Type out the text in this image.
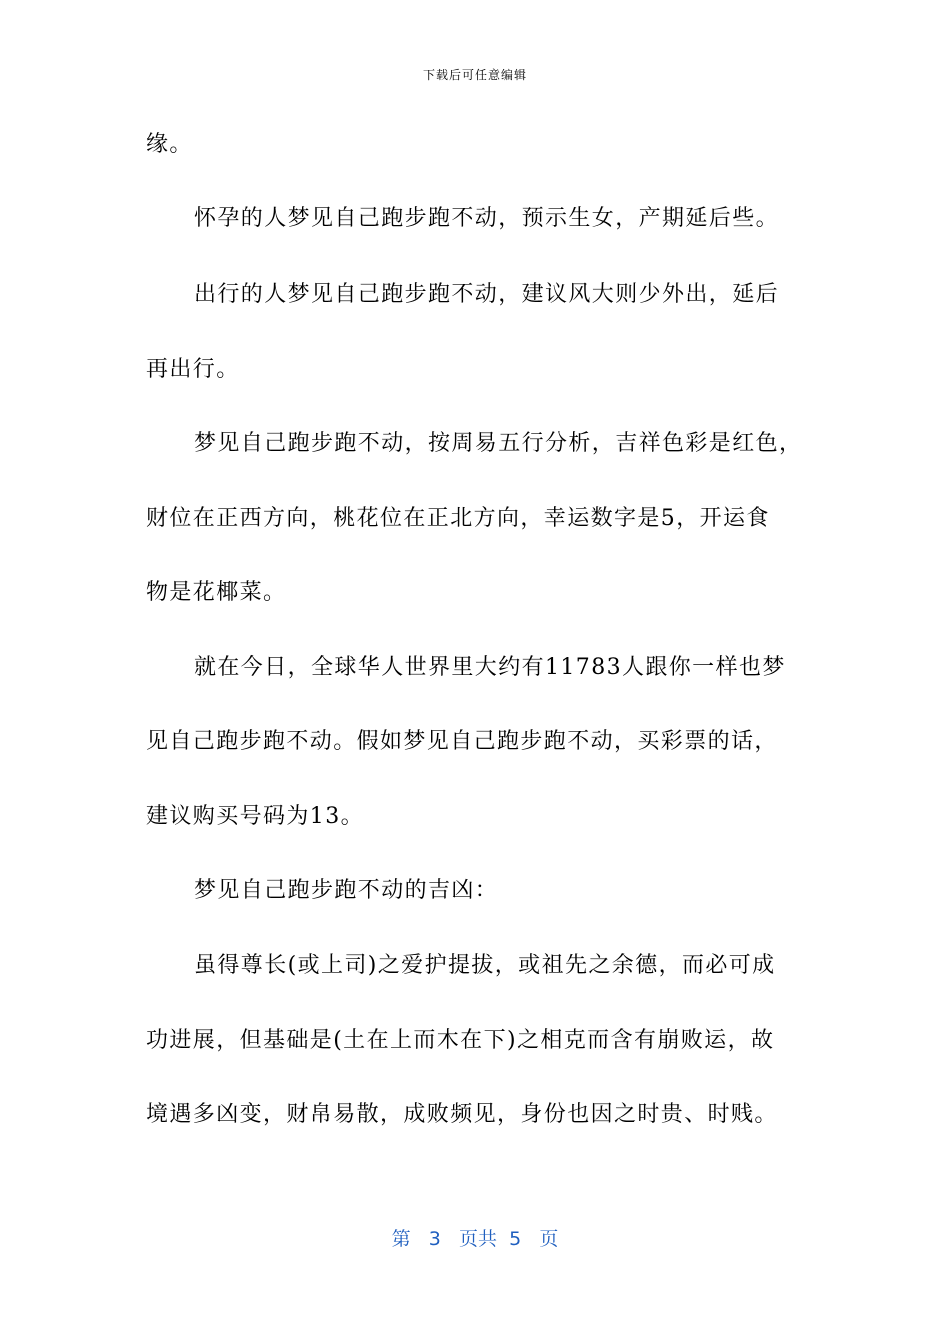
下载后可任意编辑
缘。
怀孕的人梦见自己跑步跑不动，预示生女，产期延后些。
出行的人梦见自己跑步跑不动，建议风大则少外出，延后
再出行。
梦见自己跑步跑不动，按周易五行分析，吉祥色彩是红色，
财位在正西方向，桃花位在正北方向，幸运数字是5，开运食
物是花椰菜。
就在今日，全球华人世界里大约有11783人跟你一样也梦
见自己跑步跑不动。假如梦见自己跑步跑不动，买彩票的话，
建议购买号码为13。
梦见自己跑步跑不动的吉凶：
虽得尊长(或上司)之爱护提拔，或祖先之余德，而必可成
功进展，但基础是(土在上而木在下)之相克而含有崩败运，故
境遇多凶变，财帛易散，成败频见，身份也因之时贵、时贱。
第 3 页共 5 页
